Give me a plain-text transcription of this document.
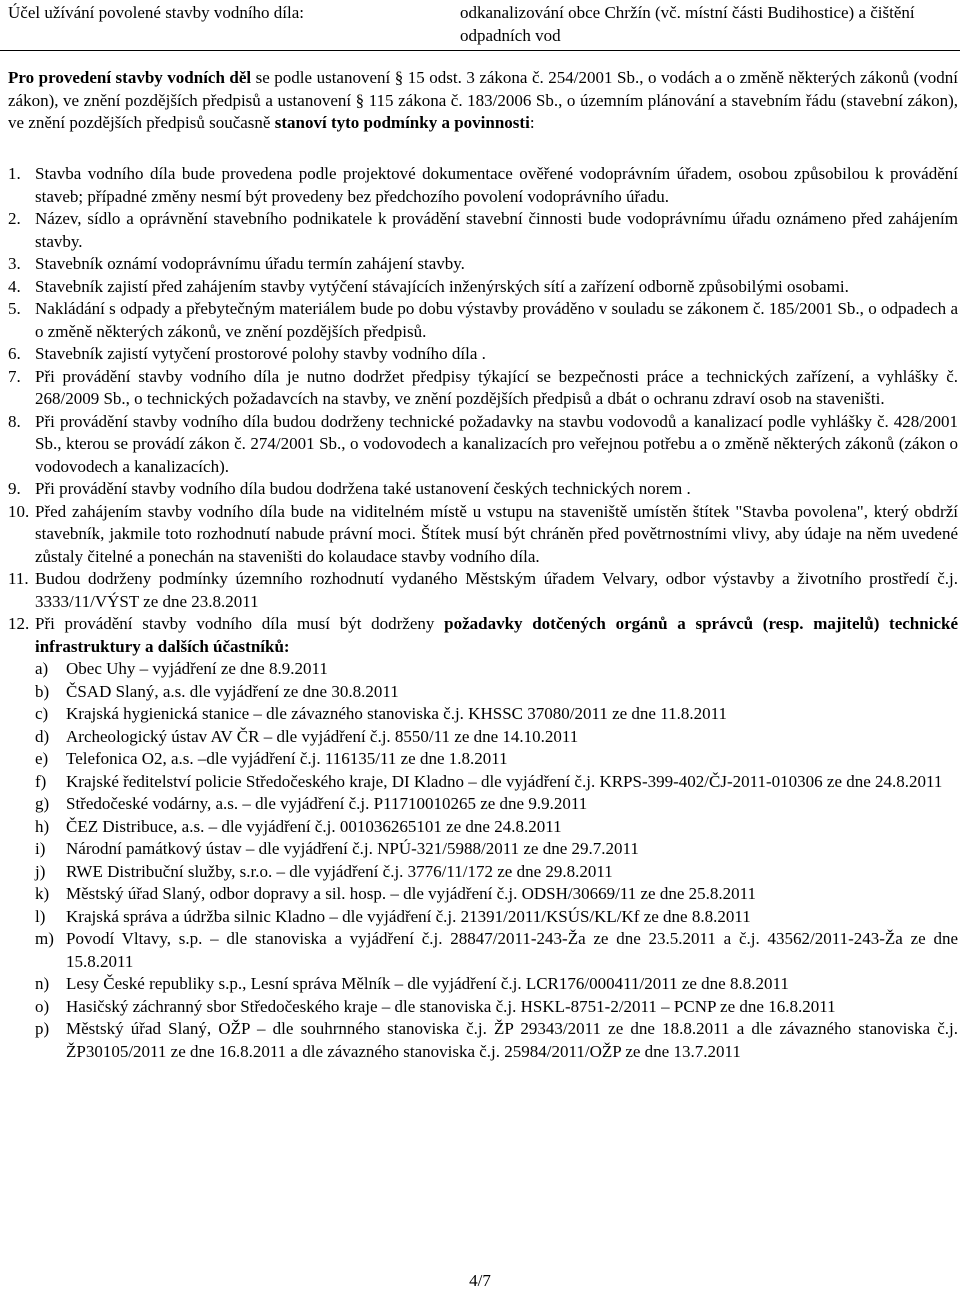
Účel užívání povolené stavby vodního díla:	odkanalizování obce Chržín (vč. místní části Budihostice) a čištění odpadních vod
Pro provedení stavby vodních děl se podle ustanovení § 15 odst. 3 zákona č. 254/2001 Sb., o vodách a o změně některých zákonů (vodní zákon), ve znění pozdějších předpisů a ustanovení § 115 zákona č. 183/2006 Sb., o územním plánování a stavebním řádu (stavební zákon), ve znění pozdějších předpisů současně stanoví tyto podmínky a povinnosti:
1. Stavba vodního díla bude provedena podle projektové dokumentace ověřené vodoprávním úřadem, osobou způsobilou k provádění staveb; případné změny nesmí být provedeny bez předchozího povolení vodoprávního úřadu.
2. Název, sídlo a oprávnění stavebního podnikatele k provádění stavební činnosti bude vodoprávnímu úřadu oznámeno před zahájením stavby.
3. Stavebník oznámí vodoprávnímu úřadu termín zahájení stavby.
4. Stavebník zajistí před zahájením stavby vytýčení stávajících inženýrských sítí a zařízení odborně způsobilými osobami.
5. Nakládání s odpady a přebytečným materiálem bude po dobu výstavby prováděno v souladu se zákonem č. 185/2001 Sb., o odpadech a o změně některých zákonů, ve znění pozdějších předpisů.
6. Stavebník zajistí vytyčení prostorové polohy stavby vodního díla .
7. Při provádění stavby vodního díla je nutno dodržet předpisy týkající se bezpečnosti práce a technických zařízení, a vyhlášky č. 268/2009 Sb., o technických požadavcích na stavby, ve znění pozdějších předpisů a dbát o ochranu zdraví osob na staveništi.
8. Při provádění stavby vodního díla budou dodrženy technické požadavky na stavbu vodovodů a kanalizací podle vyhlášky č. 428/2001 Sb., kterou se provádí zákon č. 274/2001 Sb., o vodovodech a kanalizacích pro veřejnou potřebu a o změně některých zákonů (zákon o vodovodech a kanalizacích).
9. Při provádění stavby vodního díla budou dodržena také ustanovení českých technických norem .
10. Před zahájením stavby vodního díla bude na viditelném místě u vstupu na staveniště umístěn štítek "Stavba povolena", který obdrží stavebník, jakmile toto rozhodnutí nabude právní moci. Štítek musí být chráněn před povětrnostními vlivy, aby údaje na něm uvedené zůstaly čitelné a ponechán na staveništi do kolaudace stavby vodního díla.
11. Budou dodrženy podmínky územního rozhodnutí vydaného Městským úřadem Velvary, odbor výstavby a životního prostředí č.j. 3333/11/VÝST ze dne 23.8.2011
12. Při provádění stavby vodního díla musí být dodrženy požadavky dotčených orgánů a správců (resp. majitelů) technické infrastruktury a dalších účastníků:
a) Obec Uhy – vyjádření ze dne 8.9.2011
b) ČSAD Slaný, a.s. dle vyjádření ze dne 30.8.2011
c) Krajská hygienická stanice – dle závazného stanoviska č.j. KHSSC 37080/2011 ze dne 11.8.2011
d) Archeologický ústav AV ČR – dle vyjádření č.j. 8550/11 ze dne 14.10.2011
e) Telefonica O2, a.s. –dle vyjádření č.j. 116135/11 ze dne 1.8.2011
f) Krajské ředitelství policie Středočeského kraje, DI Kladno – dle vyjádření č.j. KRPS-399-402/ČJ-2011-010306 ze dne 24.8.2011
g) Středočeské vodárny, a.s. – dle vyjádření č.j. P11710010265 ze dne 9.9.2011
h) ČEZ Distribuce, a.s. – dle vyjádření č.j. 001036265101 ze dne 24.8.2011
i) Národní památkový ústav – dle vyjádření č.j. NPÚ-321/5988/2011 ze dne 29.7.2011
j) RWE Distribuční služby, s.r.o. – dle vyjádření č.j. 3776/11/172 ze dne 29.8.2011
k) Městský úřad Slaný, odbor dopravy a sil. hosp. – dle vyjádření č.j. ODSH/30669/11 ze dne 25.8.2011
l) Krajská správa a údržba silnic Kladno – dle vyjádření č.j. 21391/2011/KSÚS/KL/Kf ze dne 8.8.2011
m) Povodí Vltavy, s.p. – dle stanoviska a vyjádření č.j. 28847/2011-243-Ža ze dne 23.5.2011 a č.j. 43562/2011-243-Ža ze dne 15.8.2011
n) Lesy České republiky s.p., Lesní správa Mělník – dle vyjádření č.j. LCR176/000411/2011 ze dne 8.8.2011
o) Hasičský záchranný sbor Středočeského kraje – dle stanoviska č.j. HSKL-8751-2/2011 – PCNP ze dne 16.8.2011
p) Městský úřad Slaný, OŽP – dle souhrnného stanoviska č.j. ŽP 29343/2011 ze dne 18.8.2011 a dle závazného stanoviska č.j. ŽP30105/2011 ze dne 16.8.2011 a dle závazného stanoviska č.j. 25984/2011/OŽP ze dne 13.7.2011
4/7
